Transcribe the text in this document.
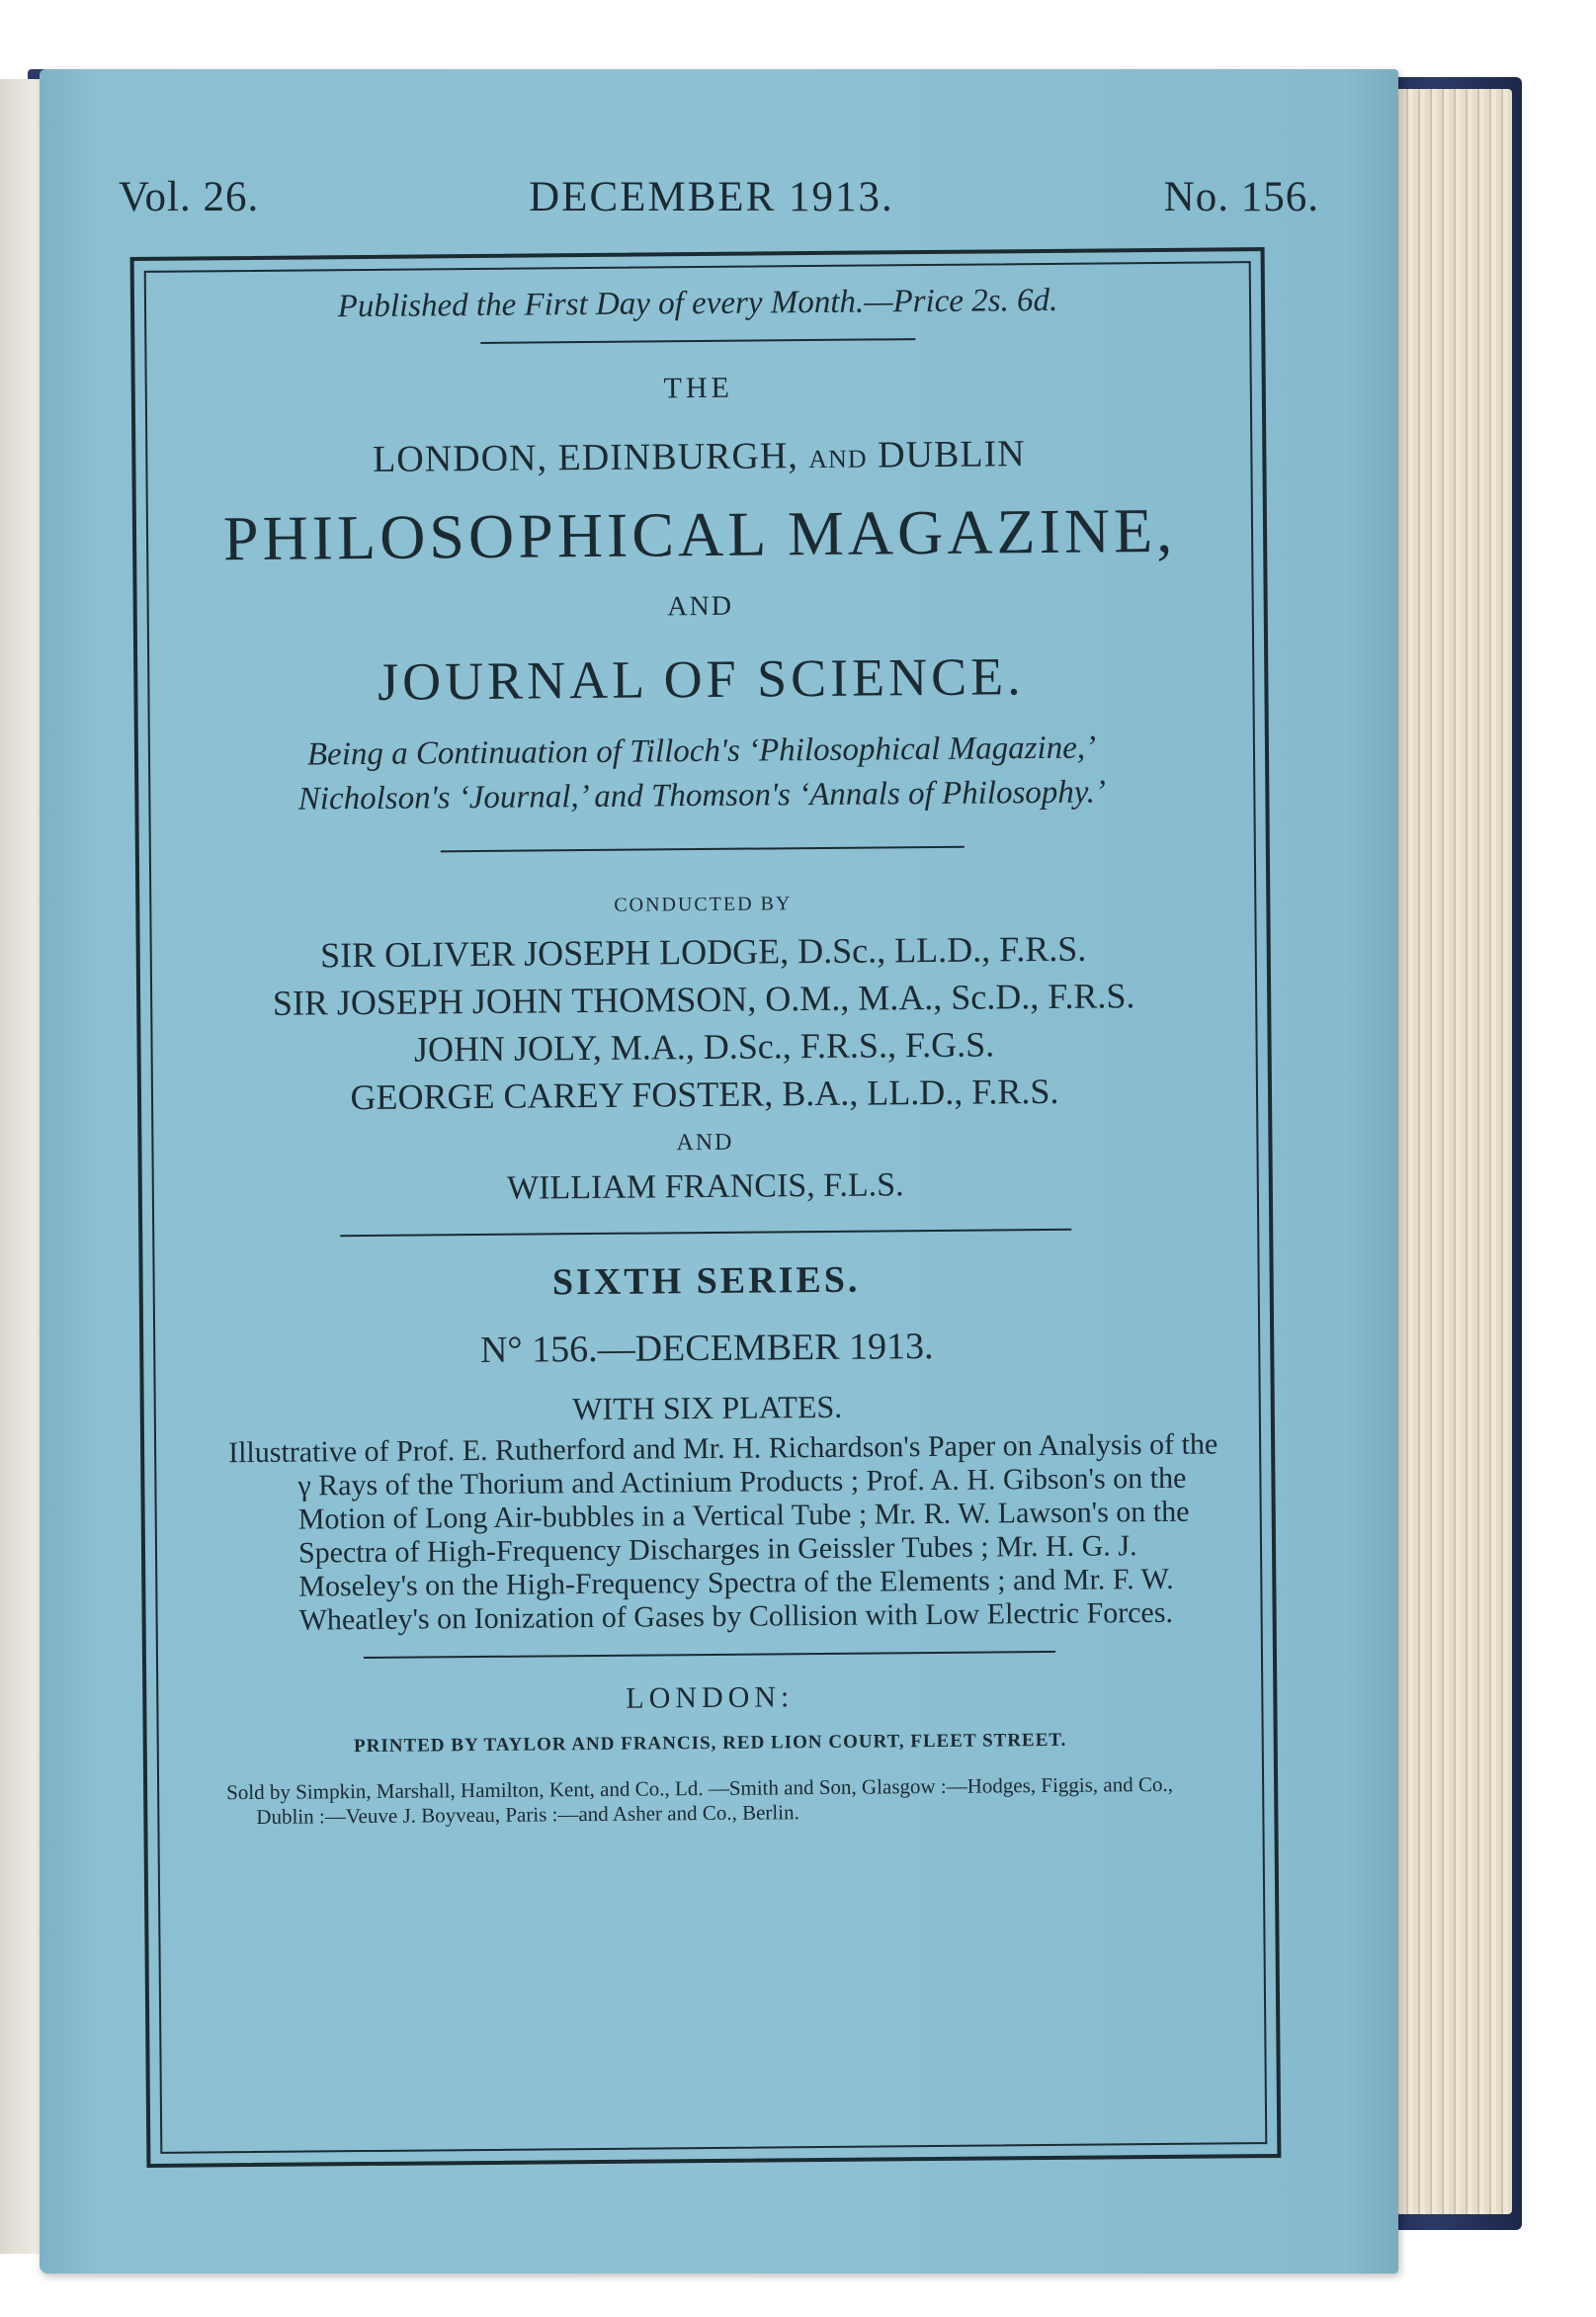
Vol. 26.	DECEMBER 1913.	No. 156.
Published the First Day of every Month.—Price 2s. 6d.
THE
LONDON, EDINBURGH, AND DUBLIN
PHILOSOPHICAL MAGAZINE,
AND
JOURNAL OF SCIENCE.
Being a Continuation of Tilloch's ‘Philosophical Magazine,’
Nicholson's ‘Journal,’ and Thomson's ‘Annals of Philosophy.’
CONDUCTED BY
SIR OLIVER JOSEPH LODGE, D.Sc., LL.D., F.R.S.
SIR JOSEPH JOHN THOMSON, O.M., M.A., Sc.D., F.R.S.
JOHN JOLY, M.A., D.Sc., F.R.S., F.G.S.
GEORGE CAREY FOSTER, B.A., LL.D., F.R.S.
AND
WILLIAM FRANCIS, F.L.S.
SIXTH SERIES.
N° 156.—DECEMBER 1913.
WITH SIX PLATES.
Illustrative of Prof. E. Rutherford and Mr. H. Richardson's Paper on Analysis of the γ Rays of the Thorium and Actinium Products ; Prof. A. H. Gibson's on the Motion of Long Air-bubbles in a Vertical Tube ; Mr. R. W. Lawson's on the Spectra of High-Frequency Discharges in Geissler Tubes ; Mr. H. G. J. Moseley's on the High-Frequency Spectra of the Elements ; and Mr. F. W. Wheatley's on Ionization of Gases by Collision with Low Electric Forces.
LONDON:
PRINTED BY TAYLOR AND FRANCIS, RED LION COURT, FLEET STREET.
Sold by Simpkin, Marshall, Hamilton, Kent, and Co., Ld. —Smith and Son, Glasgow :—Hodges, Figgis, and Co., Dublin :—Veuve J. Boyveau, Paris :—and Asher and Co., Berlin.
